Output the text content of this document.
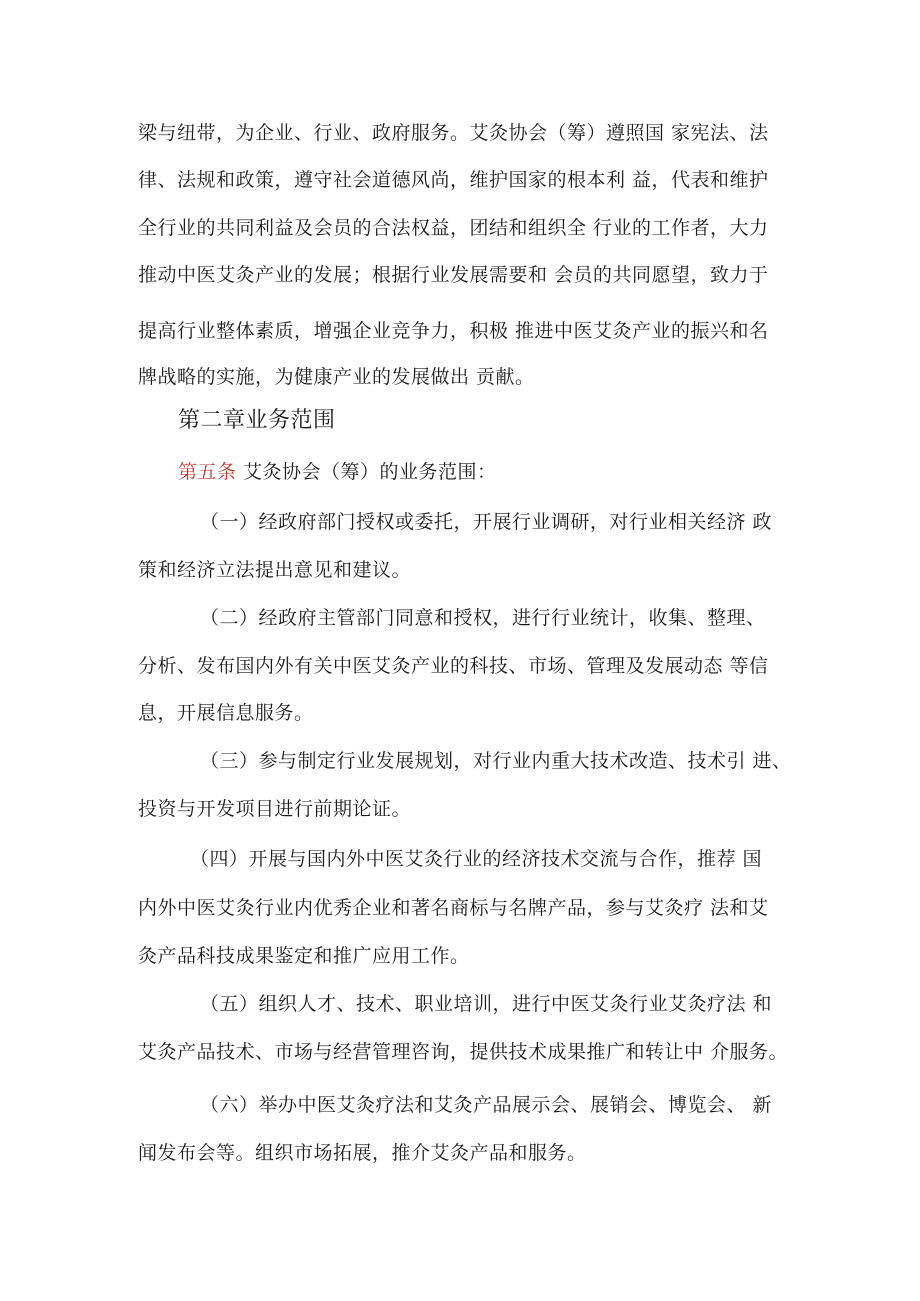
梁与纽带，为企业、行业、政府服务。艾灸协会（筹）遵照国 家宪法、法
律、法规和政策，遵守社会道德风尚，维护国家的根本利 益，代表和维护
全行业的共同利益及会员的合法权益，团结和组织全 行业的工作者，大力
推动中医艾灸产业的发展；根据行业发展需要和 会员的共同愿望，致力于
提高行业整体素质，增强企业竞争力，积极 推进中医艾灸产业的振兴和名
牌战略的实施，为健康产业的发展做出 贡献。
第二章业务范围
第五条 艾灸协会（筹）的业务范围：
（一）经政府部门授权或委托，开展行业调研，对行业相关经济 政
策和经济立法提出意见和建议。
（二）经政府主管部门同意和授权，进行行业统计，收集、整理、
分析、发布国内外有关中医艾灸产业的科技、市场、管理及发展动态 等信
息，开展信息服务。
（三）参与制定行业发展规划，对行业内重大技术改造、技术引 进、
投资与开发项目进行前期论证。
（四）开展与国内外中医艾灸行业的经济技术交流与合作，推荐 国
内外中医艾灸行业内优秀企业和著名商标与名牌产品，参与艾灸疗 法和艾
灸产品科技成果鉴定和推广应用工作。
（五）组织人才、技术、职业培训，进行中医艾灸行业艾灸疗法 和
艾灸产品技术、市场与经营管理咨询，提供技术成果推广和转让中 介服务。
（六）举办中医艾灸疗法和艾灸产品展示会、展销会、博览会、 新
闻发布会等。组织市场拓展，推介艾灸产品和服务。
